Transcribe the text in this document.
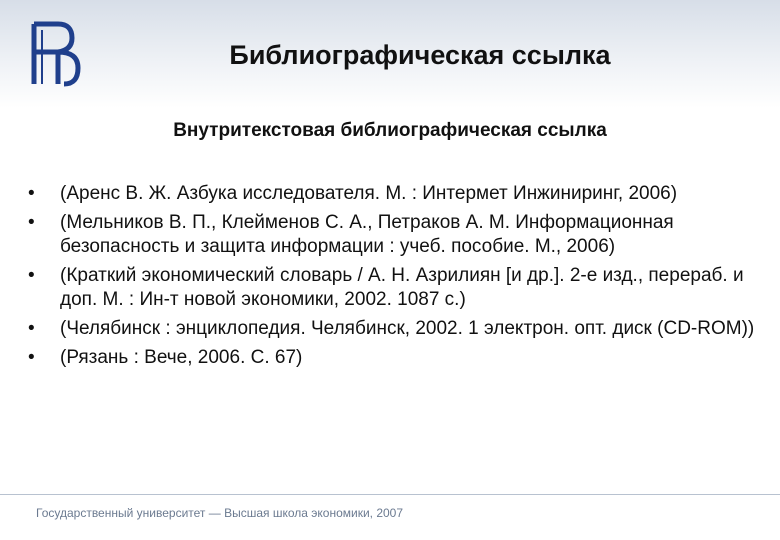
Библиографическая ссылка
Внутритекстовая библиографическая ссылка
•	(Аренс В. Ж. Азбука исследователя. М. : Интермет Инжиниринг, 2006)
•	(Мельников В. П., Клейменов С. А., Петраков А. М. Информационная безопасность и защита информации : учеб. пособие. М., 2006)
•	(Краткий экономический словарь / А. Н. Азрилиян [и др.]. 2-е изд., перераб. и доп. М. : Ин-т новой экономики, 2002. 1087 с.)
•	(Челябинск : энциклопедия. Челябинск, 2002. 1 электрон. опт. диск (CD-ROM))
•	(Рязань : Вече, 2006. С. 67)
Государственный университет — Высшая школа экономики, 2007
